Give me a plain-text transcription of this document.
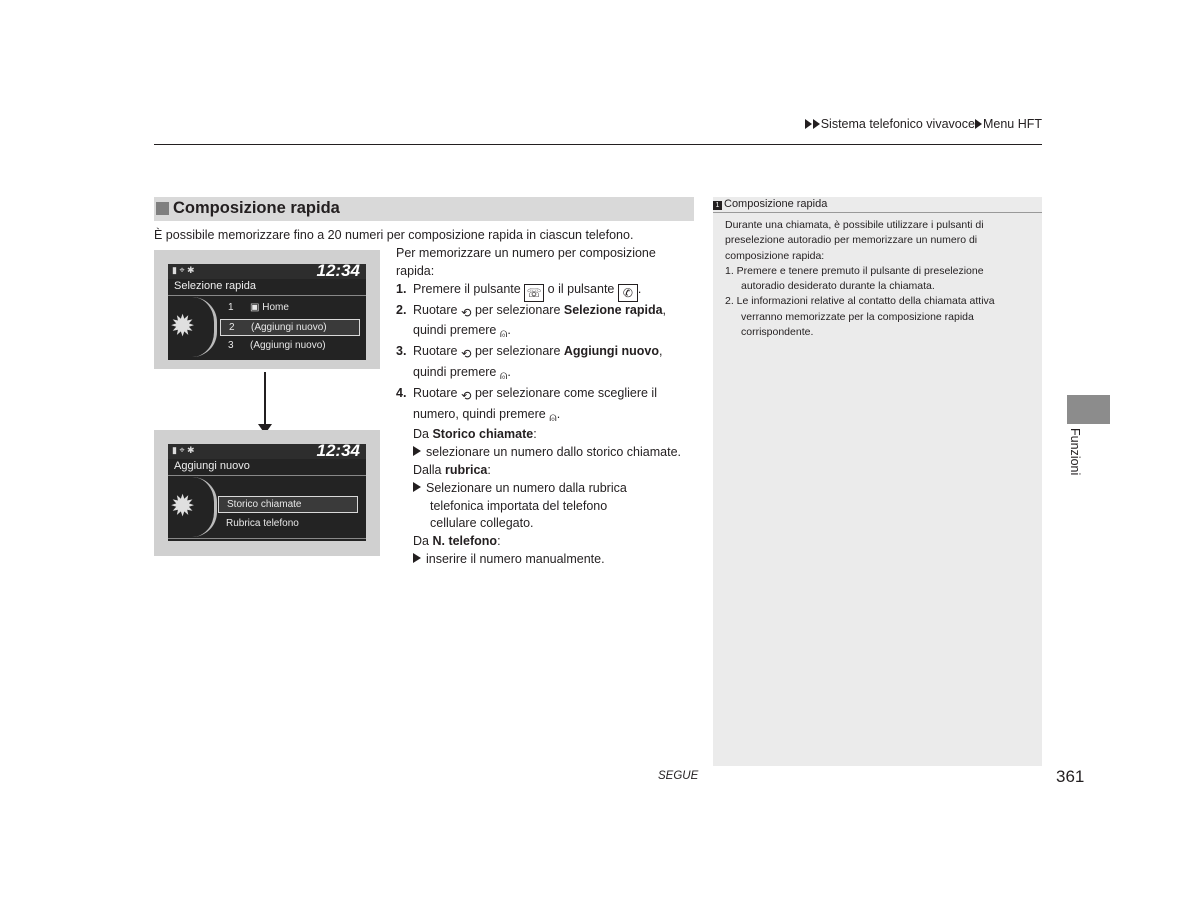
Sistema telefonico vivavoce Menu HFT
Composizione rapida
È possibile memorizzare fino a 20 numeri per composizione rapida in ciascun telefono.
▮ ⌖ ✱	12:34
Selezione rapida
✹
1 ▣ Home
2 (Aggiungi nuovo)
3 (Aggiungi nuovo)
▮ ⌖ ✱	12:34
Aggiungi nuovo
✹	Storico chiamate
Rubrica telefono

Per memorizzare un numero per composizione rapida:

1. Premere il pulsante ☏ o il pulsante ✆ .

2. Ruotare ⟲ per selezionare Selezione rapida,
quindi premere ⍝.

3. Ruotare ⟲ per selezionare Aggiungi nuovo,
quindi premere ⍝.

4. Ruotare ⟲ per selezionare come scegliere il numero, quindi premere ⍝.

Da Storico chiamate:

selezionare un numero dallo storico chiamate.

Dalla rubrica:

Selezionare un numero dalla rubrica telefonica importata del telefono cellulare collegato.

Da N. telefono:

inserire il numero manualmente.

1 Composizione rapida

Durante una chiamata, è possibile utilizzare i pulsanti di preselezione autoradio per memorizzare un numero di composizione rapida:

1. Premere e tenere premuto il pulsante di preselezione autoradio desiderato durante la chiamata.

2. Le informazioni relative al contatto della chiamata attiva verranno memorizzate per la composizione rapida corrispondente.

Funzioni
SEGUE	361
